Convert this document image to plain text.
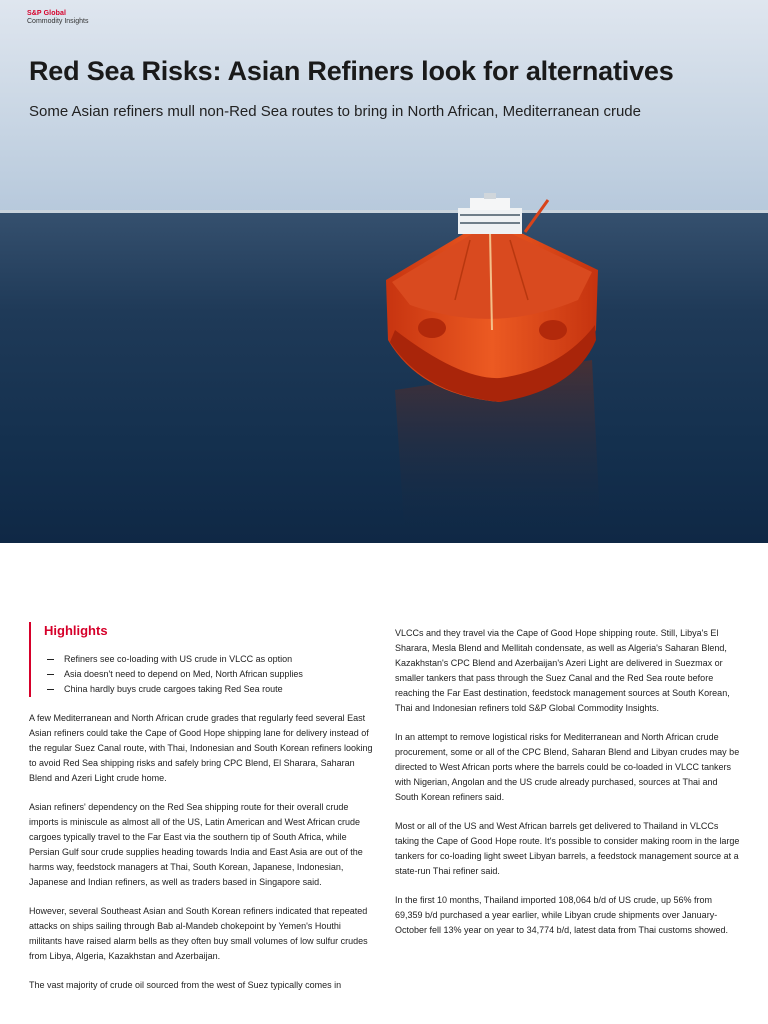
S&P Global
Commodity Insights
Red Sea Risks: Asian Refiners look for alternatives

Some Asian refiners mull non-Red Sea routes to bring in North African, Mediterranean crude

Highlights
Refiners see co-loading with US crude in VLCC as option
Asia doesn't need to depend on Med, North African supplies
China hardly buys crude cargoes taking Red Sea route

A few Mediterranean and North African crude grades that regularly feed several East Asian refiners could take the Cape of Good Hope shipping lane for delivery instead of the regular Suez Canal route, with Thai, Indonesian and South Korean refiners looking to avoid Red Sea shipping risks and safely bring CPC Blend, El Sharara, Saharan Blend and Azeri Light crude home.

Asian refiners' dependency on the Red Sea shipping route for their overall crude imports is miniscule as almost all of the US, Latin American and West African crude cargoes typically travel to the Far East via the southern tip of South Africa, while Persian Gulf sour crude supplies heading towards India and East Asia are out of the harms way, feedstock managers at Thai, South Korean, Japanese, Indonesian, Japanese and Indian refiners, as well as traders based in Singapore said.

However, several Southeast Asian and South Korean refiners indicated that repeated attacks on ships sailing through Bab al-Mandeb chokepoint by Yemen's Houthi militants have raised alarm bells as they often buy small volumes of low sulfur crudes from Libya, Algeria, Kazakhstan and Azerbaijan.

The vast majority of crude oil sourced from the west of Suez typically comes in

VLCCs and they travel via the Cape of Good Hope shipping route. Still, Libya's El Sharara, Mesla Blend and Mellitah condensate, as well as Algeria's Saharan Blend, Kazakhstan's CPC Blend and Azerbaijan's Azeri Light are delivered in Suezmax or smaller tankers that pass through the Suez Canal and the Red Sea route before reaching the Far East destination, feedstock management sources at South Korean, Thai and Indonesian refiners told S&P Global Commodity Insights.

In an attempt to remove logistical risks for Mediterranean and North African crude procurement, some or all of the CPC Blend, Saharan Blend and Libyan crudes may be directed to West African ports where the barrels could be co-loaded in VLCC tankers with Nigerian, Angolan and the US crude already purchased, sources at Thai and South Korean refiners said.

Most or all of the US and West African barrels get delivered to Thailand in VLCCs taking the Cape of Good Hope route. It's possible to consider making room in the large tankers for co-loading light sweet Libyan barrels, a feedstock management source at a state-run Thai refiner said.

In the first 10 months, Thailand imported 108,064 b/d of US crude, up 56% from 69,359 b/d purchased a year earlier, while Libyan crude shipments over January-October fell 13% year on year to 34,774 b/d, latest data from Thai customs showed.
